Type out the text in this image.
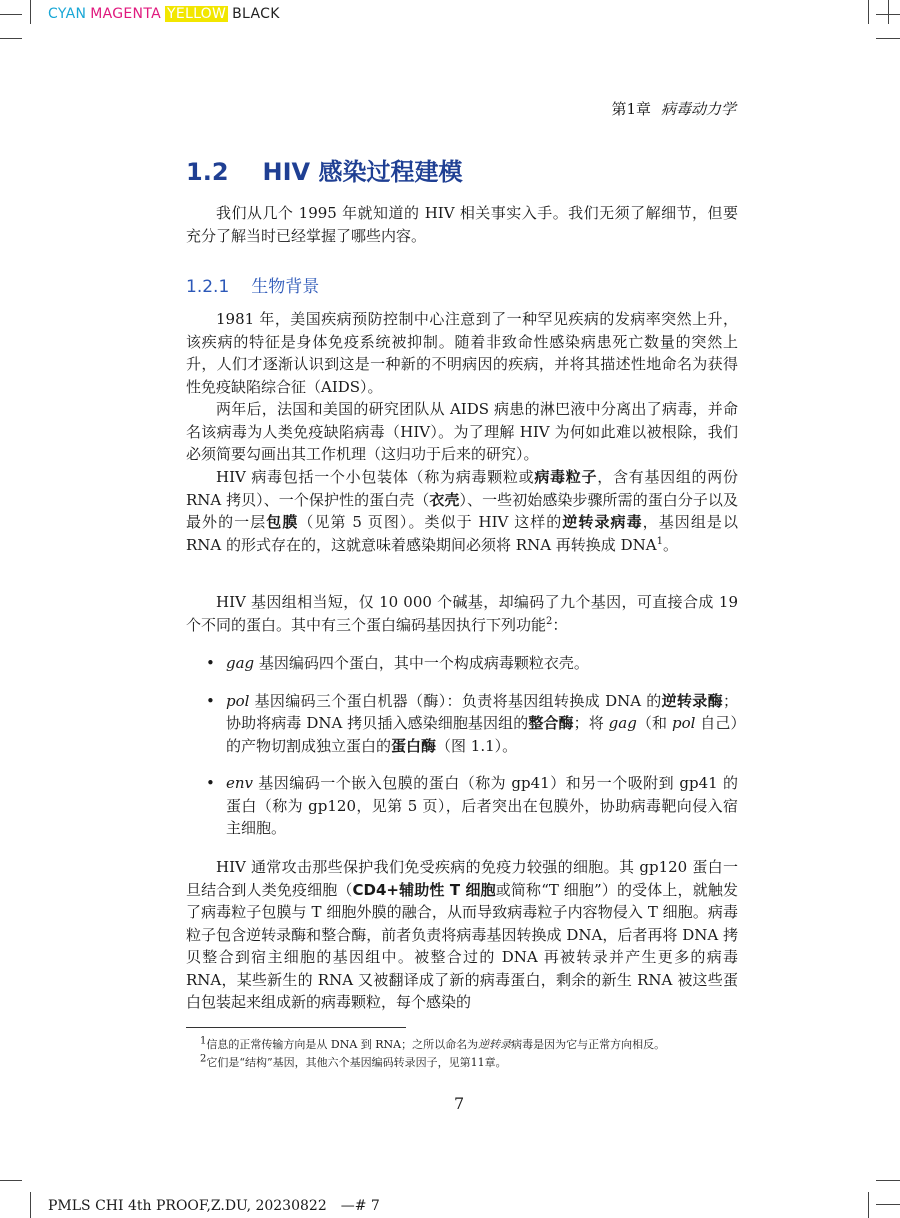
CYAN MAGENTA YELLOW BLACK
第1章 病毒动力学
1.2 HIV 感染过程建模

我们从几个 1995 年就知道的 HIV 相关事实入手。我们无须了解细节，但要充分了解当时已经掌握了哪些内容。

1.2.1 生物背景

1981 年，美国疾病预防控制中心注意到了一种罕见疾病的发病率突然上升，该疾病的特征是身体免疫系统被抑制。随着非致命性感染病患死亡数量的突然上升，人们才逐渐认识到这是一种新的不明病因的疾病，并将其描述性地命名为获得性免疫缺陷综合征（AIDS）。

两年后，法国和美国的研究团队从 AIDS 病患的淋巴液中分离出了病毒，并命名该病毒为人类免疫缺陷病毒（HIV）。为了理解 HIV 为何如此难以被根除，我们必须简要勾画出其工作机理（这归功于后来的研究）。

HIV 病毒包括一个小包装体（称为病毒颗粒或病毒粒子，含有基因组的两份 RNA 拷贝）、一个保护性的蛋白壳（衣壳）、一些初始感染步骤所需的蛋白分子以及最外的一层包膜（见第 5 页图）。类似于 HIV 这样的逆转录病毒，基因组是以 RNA 的形式存在的，这就意味着感染期间必须将 RNA 再转换成 DNA$^1$。

HIV 基因组相当短，仅 10 000 个碱基，却编码了九个基因，可直接合成 19 个不同的蛋白。其中有三个蛋白编码基因执行下列功能$^2$：

• gag 基因编码四个蛋白，其中一个构成病毒颗粒衣壳。
• pol 基因编码三个蛋白机器（酶）：负责将基因组转换成 DNA 的逆转录酶；协助将病毒 DNA 拷贝插入感染细胞基因组的整合酶；将 gag（和 pol 自己）的产物切割成独立蛋白的蛋白酶（图 1.1）。
• env 基因编码一个嵌入包膜的蛋白（称为 gp41）和另一个吸附到 gp41 的蛋白（称为 gp120，见第 5 页），后者突出在包膜外，协助病毒靶向侵入宿主细胞。

HIV 通常攻击那些保护我们免受疾病的免疫力较强的细胞。其 gp120 蛋白一旦结合到人类免疫细胞（CD4+辅助性 T 细胞或简称“T 细胞”）的受体上，就触发了病毒粒子包膜与 T 细胞外膜的融合，从而导致病毒粒子内容物侵入 T 细胞。病毒粒子包含逆转录酶和整合酶，前者负责将病毒基因转换成 DNA，后者再将 DNA 拷贝整合到宿主细胞的基因组中。被整合过的 DNA 再被转录并产生更多的病毒 RNA，某些新生的 RNA 又被翻译成了新的病毒蛋白，剩余的新生 RNA 被这些蛋白包装起来组成新的病毒颗粒，每个感染的

1信息的正常传输方向是从 DNA 到 RNA；之所以命名为逆转录病毒是因为它与正常方向相反。
2它们是“结构”基因，其他六个基因编码转录因子，见第11章。
7
PMLS CHI 4th PROOF,Z.DU, 20230822　—# 7
